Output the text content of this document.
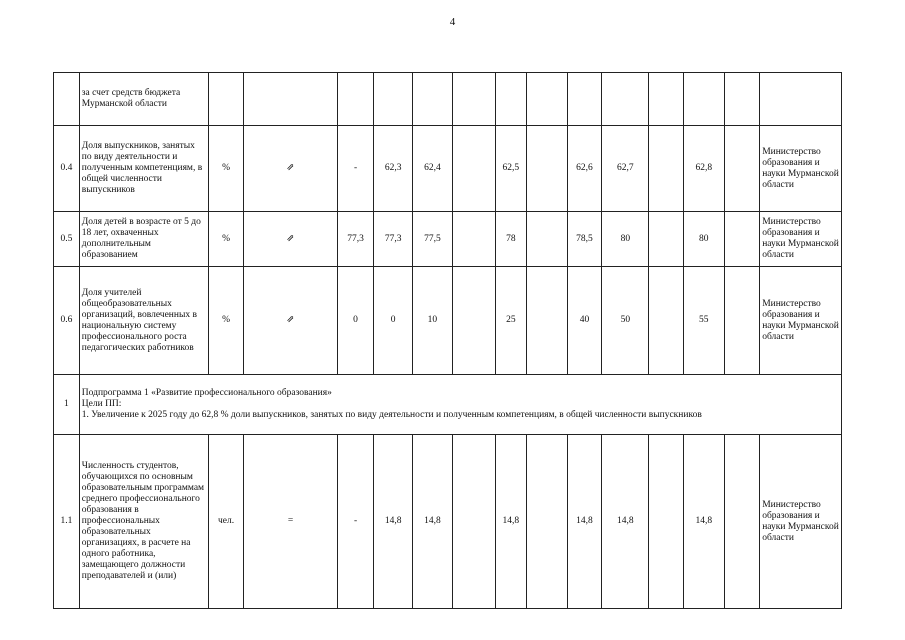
4
	за счет средств бюджета Мурманской области														
0.4	Доля выпускников, занятых по виду деятельности и полученным компетенциям, в общей численности выпускников	%	⇗	-	62,3	62,4		62,5		62,6	62,7		62,8		Министерство образования и науки Мурманской области
0.5	Доля детей в возрасте от 5 до 18 лет, охваченных дополнительным образованием	%	⇗	77,3	77,3	77,5		78		78,5	80		80		Министерство образования и науки Мурманской области
0.6	Доля учителей общеобразовательных организаций, вовлеченных в национальную систему профессионального роста педагогических работников	%	⇗	0	0	10		25		40	50		55		Министерство образования и науки Мурманской области
1	Подпрограмма 1 «Развитие профессионального образования»
Цели ПП:
1. Увеличение к 2025 году до 62,8 % доли выпускников, занятых по виду деятельности и полученным компетенциям, в общей численности выпускников														

1.1	Численность студентов, обучающихся по основным образовательным программам среднего профессионального образования в профессиональных образовательных организациях, в расчете на одного работника, замещающего должности преподавателей и (или)	чел.	=	-	14,8	14,8		14,8		14,8	14,8		14,8		Министерство образования и науки Мурманской области
